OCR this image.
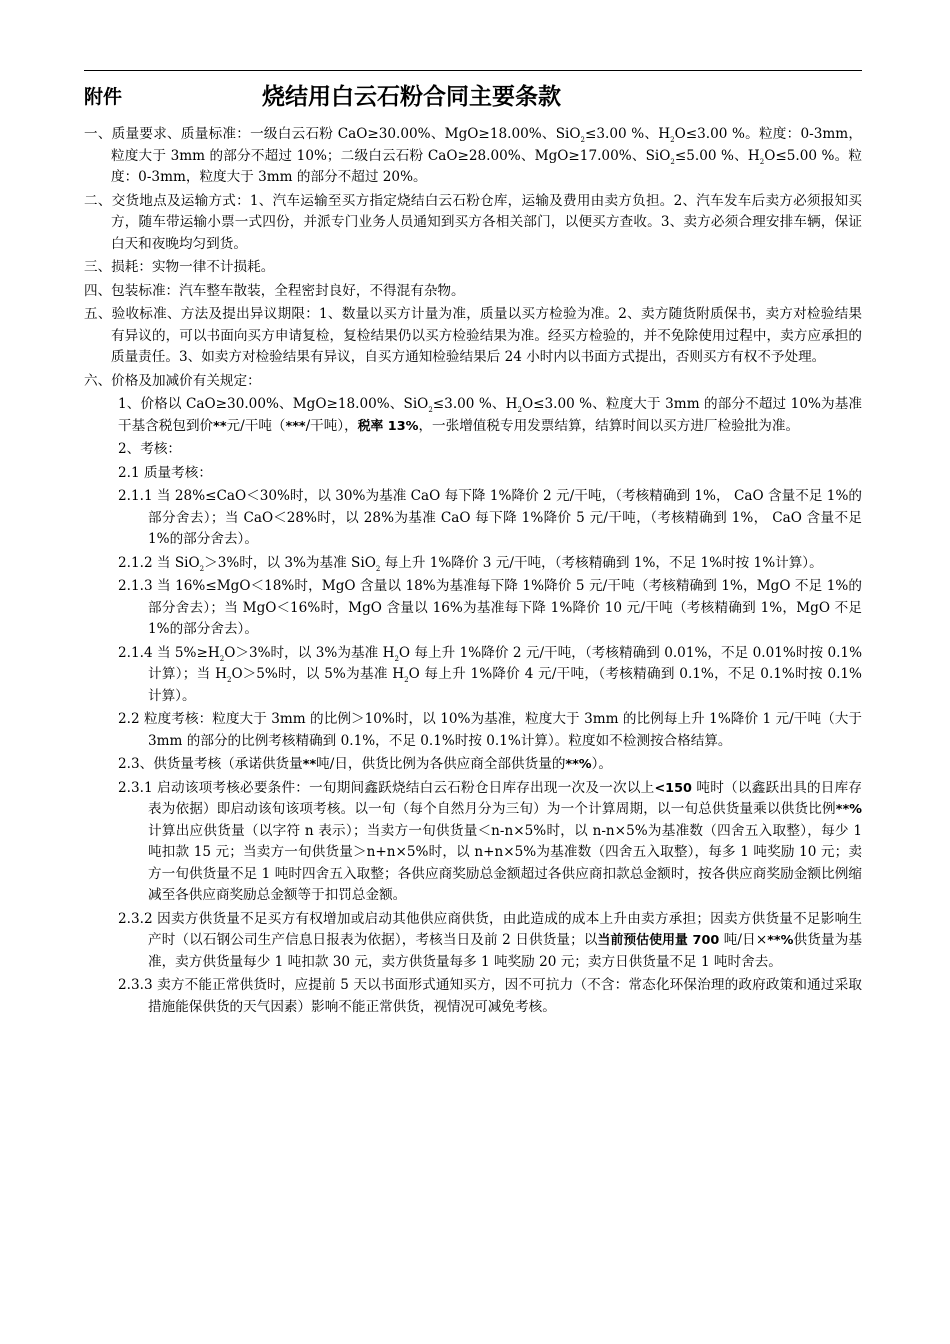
附件	烧结用白云石粉合同主要条款

一、质量要求、质量标准：一级白云石粉 CaO≥30.00%、MgO≥18.00%、SiO$_2$≤3.00 %、$H_2O\le 3.00$ %。粒度：0-3mm，粒度大于 3mm 的部分不超过 10%；二级白云石粉 CaO≥28.00%、MgO≥17.00%、SiO$_2$≤5.00 %、$H_2O\le 5.00$ %。粒度：0-3mm，粒度大于 3mm 的部分不超过 20%。

二、交货地点及运输方式：1、汽车运输至买方指定烧结白云石粉仓库，运输及费用由卖方负担。2、汽车发车后卖方必须报知买方，随车带运输小票一式四份，并派专门业务人员通知到买方各相关部门，以便买方查收。3、卖方必须合理安排车辆，保证白天和夜晚均匀到货。

三、损耗：实物一律不计损耗。

四、包装标准：汽车整车散装，全程密封良好，不得混有杂物。

五、验收标准、方法及提出异议期限：1、数量以买方计量为准，质量以买方检验为准。2、卖方随货附质保书，卖方对检验结果有异议的，可以书面向买方申请复检，复检结果仍以买方检验结果为准。经买方检验的，并不免除使用过程中，卖方应承担的质量责任。3、如卖方对检验结果有异议，自买方通知检验结果后 24 小时内以书面方式提出，否则买方有权不予处理。

六、价格及加减价有关规定：

1、价格以 CaO≥30.00%、MgO≥18.00%、SiO$_2$≤3.00 %、$H_2O\le 3.00$ %、粒度大于 3mm 的部分不超过 10%为基准干基含税包到价**元/干吨（***/干吨），税率 13%，一张增值税专用发票结算，结算时间以买方进厂检验批为准。

2、考核：

2.1 质量考核：

2.1.1 当 28%≤CaO＜30%时，以 30%为基准 CaO 每下降 1%降价 2 元/干吨，（考核精确到 1%， CaO 含量不足 1%的部分舍去）；当 CaO＜28%时，以 28%为基准 CaO 每下降 1%降价 5 元/干吨，（考核精确到 1%， CaO 含量不足 1%的部分舍去）。

2.1.2 当 SiO$_2$＞3%时，以 3%为基准 SiO$_2$ 每上升 1%降价 3 元/干吨，（考核精确到 1%，不足 1%时按 1%计算）。

2.1.3 当 16%≤MgO＜18%时，MgO 含量以 18%为基准每下降 1%降价 5 元/干吨（考核精确到 1%，MgO 不足 1%的部分舍去）；当 MgO＜16%时，MgO 含量以 16%为基准每下降 1%降价 10 元/干吨（考核精确到 1%，MgO 不足 1%的部分舍去）。

2.1.4 当 $5\%\ge H_2O>3\%$时，以 3%为基准 $H_2O$ 每上升 1%降价 2 元/干吨，（考核精确到 0.01%，不足 0.01%时按 0.1%计算）；当 $H_2O>5\%$时，以 5%为基准 $H_2O$ 每上升 1%降价 4 元/干吨，（考核精确到 0.1%，不足 0.1%时按 0.1%计算）。

2.2 粒度考核：粒度大于 3mm 的比例＞10%时，以 10%为基准，粒度大于 3mm 的比例每上升 1%降价 1 元/干吨（大于 3mm 的部分的比例考核精确到 0.1%，不足 0.1%时按 0.1%计算）。粒度如不检测按合格结算。

2.3、供货量考核（承诺供货量**吨/日，供货比例为各供应商全部供货量的**%）。

2.3.1 启动该项考核必要条件：一旬期间鑫跃烧结白云石粉仓日库存出现一次及一次以上<150 吨时（以鑫跃出具的日库存表为依据）即启动该旬该项考核。以一旬（每个自然月分为三旬）为一个计算周期，以一旬总供货量乘以供货比例**%计算出应供货量（以字符 n 表示）；当卖方一旬供货量＜n-n×5%时，以 n-n×5%为基准数（四舍五入取整），每少 1 吨扣款 15 元；当卖方一旬供货量＞n+n×5%时，以 n+n×5%为基准数（四舍五入取整），每多 1 吨奖励 10 元；卖方一旬供货量不足 1 吨时四舍五入取整；各供应商奖励总金额超过各供应商扣款总金额时，按各供应商奖励金额比例缩减至各供应商奖励总金额等于扣罚总金额。

2.3.2 因卖方供货量不足买方有权增加或启动其他供应商供货，由此造成的成本上升由卖方承担；因卖方供货量不足影响生产时（以石钢公司生产信息日报表为依据），考核当日及前 2 日供货量；以当前预估使用量 700 吨/日×**%供货量为基准，卖方供货量每少 1 吨扣款 30 元，卖方供货量每多 1 吨奖励 20 元；卖方日供货量不足 1 吨时舍去。

2.3.3 卖方不能正常供货时，应提前 5 天以书面形式通知买方，因不可抗力（不含：常态化环保治理的政府政策和通过采取措施能保供货的天气因素）影响不能正常供货，视情况可减免考核。
